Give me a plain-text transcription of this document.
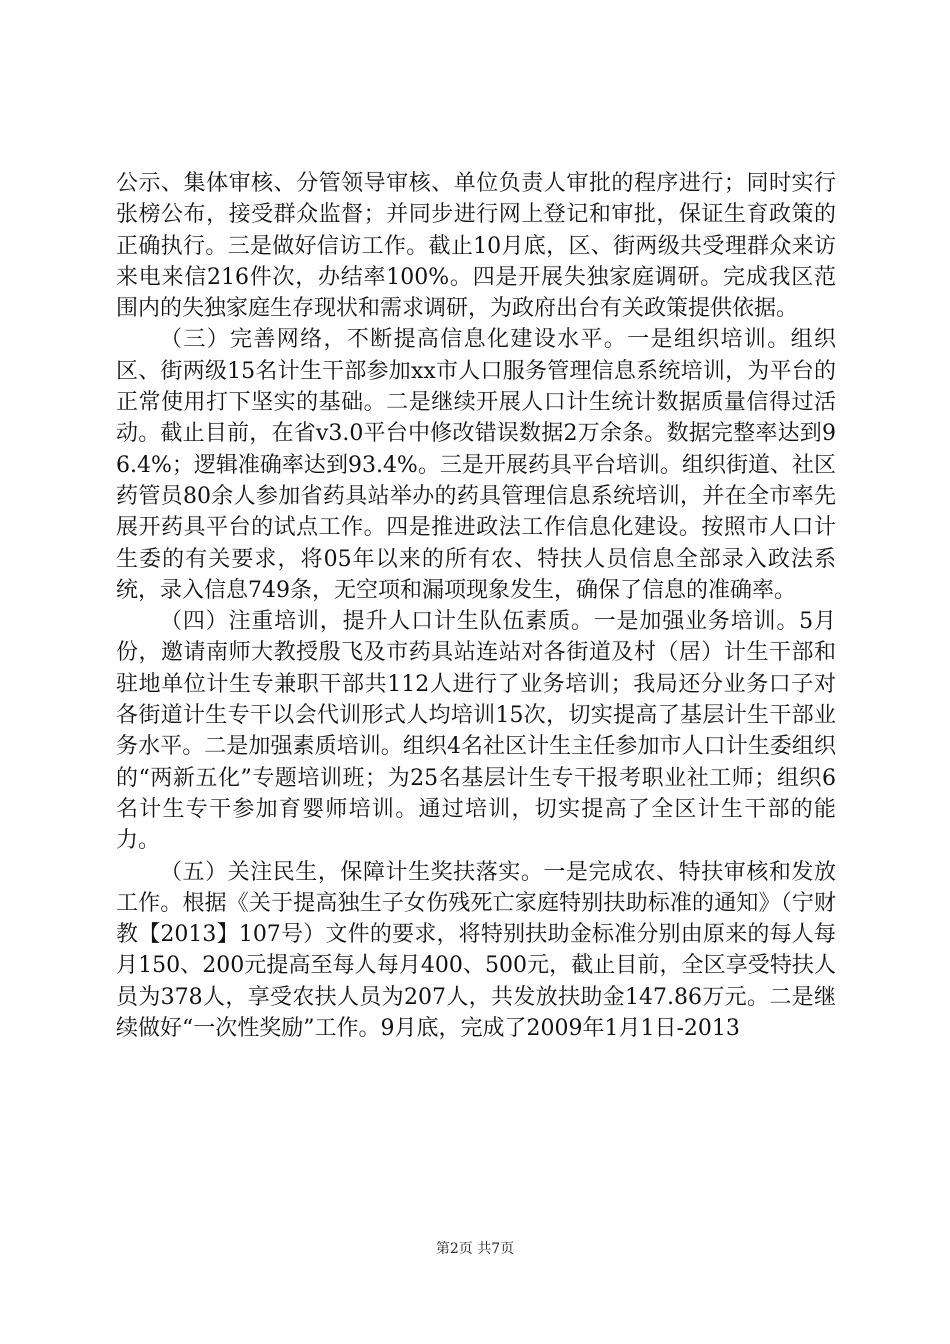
公示、集体审核、分管领导审核、单位负责人审批的程序进行；同时实行张榜公布，接受群众监督；并同步进行网上登记和审批，保证生育政策的正确执行。三是做好信访工作。截止10月底，区、街两级共受理群众来访来电来信216件次，办结率100%。四是开展失独家庭调研。完成我区范围内的失独家庭生存现状和需求调研，为政府出台有关政策提供依据。

（三）完善网络，不断提高信息化建设水平。一是组织培训。组织区、街两级15名计生干部参加xx市人口服务管理信息系统培训，为平台的正常使用打下坚实的基础。二是继续开展人口计生统计数据质量信得过活动。截止目前，在省v3.0平台中修改错误数据2万余条。数据完整率达到96.4%；逻辑准确率达到93.4%。三是开展药具平台培训。组织街道、社区药管员80余人参加省药具站举办的药具管理信息系统培训，并在全市率先展开药具平台的试点工作。四是推进政法工作信息化建设。按照市人口计生委的有关要求，将05年以来的所有农、特扶人员信息全部录入政法系统，录入信息749条，无空项和漏项现象发生，确保了信息的准确率。

（四）注重培训，提升人口计生队伍素质。一是加强业务培训。5月份，邀请南师大教授殷飞及市药具站连站对各街道及村（居）计生干部和驻地单位计生专兼职干部共112人进行了业务培训；我局还分业务口子对各街道计生专干以会代训形式人均培训15次，切实提高了基层计生干部业务水平。二是加强素质培训。组织4名社区计生主任参加市人口计生委组织的“两新五化”专题培训班；为25名基层计生专干报考职业社工师；组织6名计生专干参加育婴师培训。通过培训，切实提高了全区计生干部的能力。

（五）关注民生，保障计生奖扶落实。一是完成农、特扶审核和发放工作。根据《关于提高独生子女伤残死亡家庭特别扶助标准的通知》（宁财教【2013】107号）文件的要求，将特别扶助金标准分别由原来的每人每月150、200元提高至每人每月400、500元，截止目前，全区享受特扶人员为378人，享受农扶人员为207人，共发放扶助金147.86万元。二是继续做好“一次性奖励”工作。9月底，完成了2009年1月1日-2013

第2页 共7页
